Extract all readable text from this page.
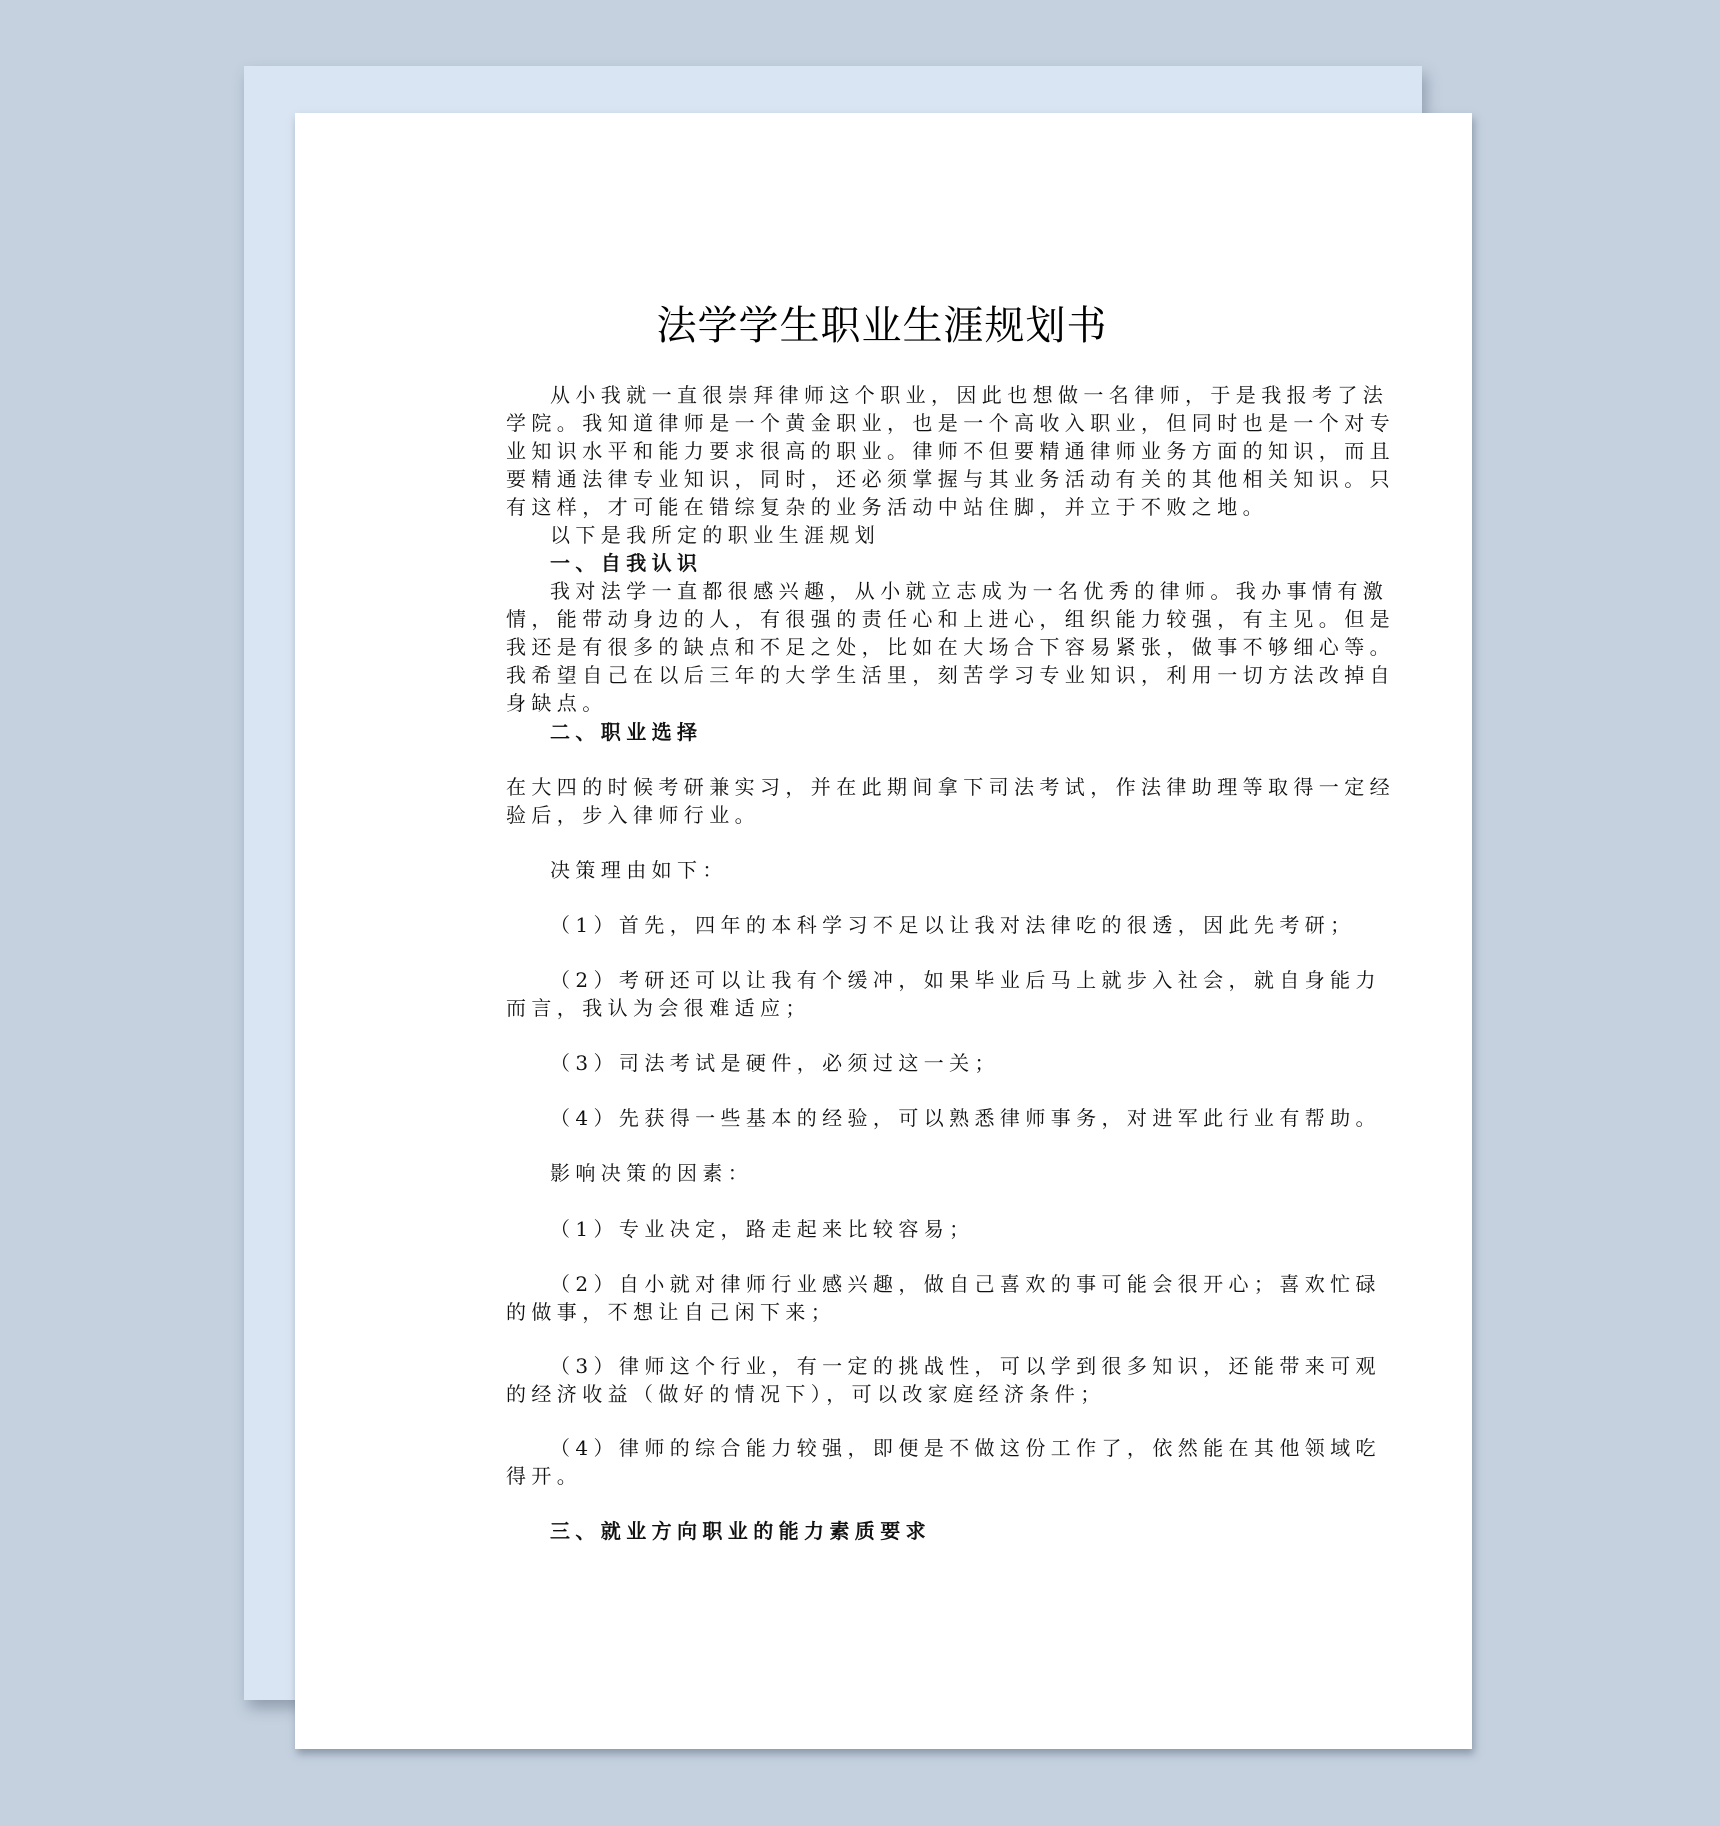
法学学生职业生涯规划书
从小我就一直很崇拜律师这个职业，因此也想做一名律师，于是我报考了法
学院。我知道律师是一个黄金职业，也是一个高收入职业，但同时也是一个对专
业知识水平和能力要求很高的职业。律师不但要精通律师业务方面的知识，而且
要精通法律专业知识，同时，还必须掌握与其业务活动有关的其他相关知识。只
有这样，才可能在错综复杂的业务活动中站住脚，并立于不败之地。
以下是我所定的职业生涯规划
一、自我认识
我对法学一直都很感兴趣，从小就立志成为一名优秀的律师。我办事情有激
情，能带动身边的人，有很强的责任心和上进心，组织能力较强，有主见。但是
我还是有很多的缺点和不足之处，比如在大场合下容易紧张，做事不够细心等。
我希望自己在以后三年的大学生活里，刻苦学习专业知识，利用一切方法改掉自
身缺点。
二、职业选择
在大四的时候考研兼实习，并在此期间拿下司法考试，作法律助理等取得一定经
验后，步入律师行业。
决策理由如下：
（1）首先，四年的本科学习不足以让我对法律吃的很透，因此先考研；
（2）考研还可以让我有个缓冲，如果毕业后马上就步入社会，就自身能力
而言，我认为会很难适应；
（3）司法考试是硬件，必须过这一关；
（4）先获得一些基本的经验，可以熟悉律师事务，对进军此行业有帮助。
影响决策的因素：
（1）专业决定，路走起来比较容易；
（2）自小就对律师行业感兴趣，做自己喜欢的事可能会很开心；喜欢忙碌
的做事，不想让自己闲下来；
（3）律师这个行业，有一定的挑战性，可以学到很多知识，还能带来可观
的经济收益（做好的情况下），可以改家庭经济条件；
（4）律师的综合能力较强，即便是不做这份工作了，依然能在其他领域吃
得开。
三、就业方向职业的能力素质要求
